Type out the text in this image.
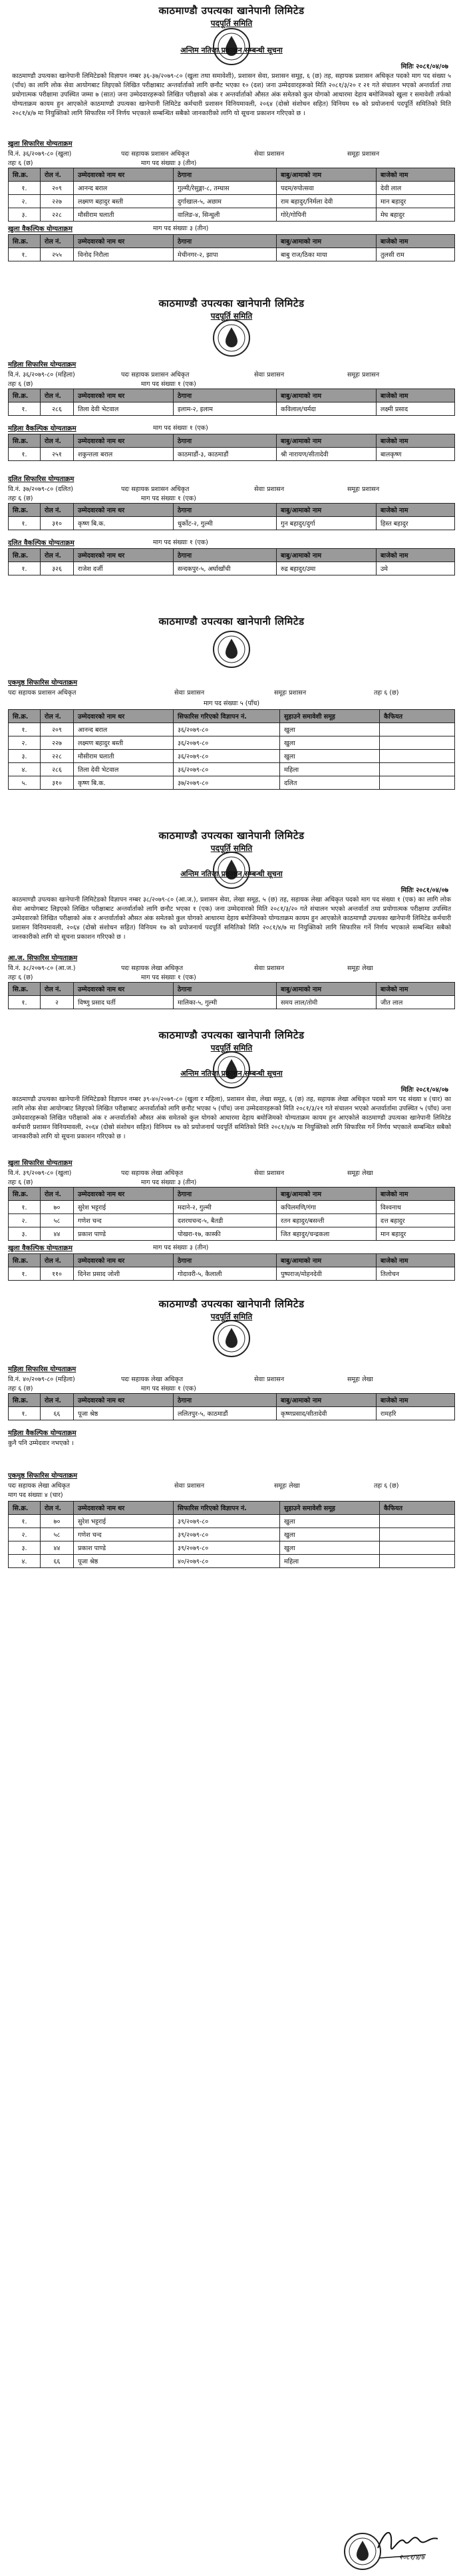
काठमाण्डौ उपत्यका खानेपानी लिमिटेड
पदपूर्ति समिति
अन्तिम नतिजा प्रकाशन सम्बन्धी सूचना
मितिः २०८१/०४/०७
काठमाण्डौ उपत्यका खानेपानी लिमिटेडको विज्ञापन नम्बर ३६-३७/२०७९-८० (खुला तथा समावेशी), प्रशासन सेवा, प्रशासन समूह, ६ (छ) तह, सहायक प्रशासन अधिकृत पदको माग पद संख्या ५ (पाँच) का लागि लोक सेवा आयोगबाट लिइएको लिखित परीक्षाबाट अन्तर्वार्ताको लागि छनौट भएका १० (दश) जना उम्मेदवारहरूको मिति २०८१/३/२० र २१ गते संचालन भएको अन्तर्वार्ता तथा प्रयोगात्मक परीक्षामा उपस्थित जम्मा ७ (सात) जना उम्मेदवारहरूको लिखित परीक्षाको अंक र अन्तर्वार्ताको औसत अंक समेतको कुल योगको आधारमा देहाय बमोजिमको खुला र समावेशी तर्फको योग्यताक्रम कायम हुन आएकोले काठमाण्डौ उपत्यका खानेपानी लिमिटेड कर्मचारी प्रशासन विनियमावली, २०६४ (दोस्रो संशोधन सहित) विनियम १७ को प्रयोजनार्थ पदपूर्ति समितिको मिति २०८१/४/७ मा नियुक्तिको लागि सिफारिस गर्ने निर्णय भएकाले सम्बन्धित सबैको जानकारीको लागि यो सूचना प्रकाशन गरिएको छ ।
खुला सिफारिस योग्यताक्रम
वि.नं. ३६/२०७९-८० (खुला)	पदः सहायक प्रशासन अधिकृत	सेवाः प्रशासन	समूहः प्रशासन
तहः ६ (छ)	माग पद संख्याः ३ (तीन)
सि.क्र.	रोल नं.	उम्मेदवारको नाम थर	ठेगाना	बाबु/आमाको नाम	बाजेको नाम
१.	२०९	आनन्द बराल	गुल्मी/रेसुङ्गा-८, तम्घास	पदम/रुपोत्सवा	देवी लाल
२.	२२७	लक्ष्मण बहादुर बस्ती	दुर्गाखाल-५, अछाम	राम बहादुर/निर्मला देवी	मान बहादुर
३.	२२८	मौसीराम घलाती	वालिङ-४, सिन्धुली	गोरे/गोपिनी	मेघ बहादुर
खुला वैकल्पिक योग्यताक्रम	माग पद संख्याः ३ (तीन)
सि.क्र.	रोल नं.	उम्मेदवारको नाम थर	ठेगाना	बाबु/आमाको नाम	बाजेको नाम
१.	२५५	विनोद निरौला	मेचीनगर-२, झापा	बाबु राज/ठिका माया	तुलसी राम
काठमाण्डौ उपत्यका खानेपानी लिमिटेड
पदपूर्ति समिति
महिला सिफारिस योग्यताक्रम
वि.नं. ३६/२०७९-८० (महिला)	पदः सहायक प्रशासन अधिकृत	सेवाः प्रशासन	समूहः प्रशासन
तहः ६ (छ)	माग पद संख्याः १ (एक)
सि.क्र.	रोल नं.	उम्मेदवारको नाम थर	ठेगाना	बाबु/आमाको नाम	बाजेको नाम
१.	२८६	तिला देवी भेटवाल	इलाम-२, इलाम	कविलाल/चर्मदा	लक्ष्मी प्रसाद
महिला वैकल्पिक योग्यताक्रम	माग पद संख्याः १ (एक)
सि.क्र.	रोल नं.	उम्मेदवारको नाम थर	ठेगाना	बाबु/आमाको नाम	बाजेको नाम
१.	२५१	शकुन्तला बराल	काठमाडौं-३, काठमाडौं	श्री नारायण/सीतादेवी	बालकृष्ण
दलित सिफारिस योग्यताक्रम
वि.नं. ३७/२०७९-८० (दलित)	पदः सहायक प्रशासन अधिकृत	सेवाः प्रशासन	समूहः प्रशासन
तहः ६ (छ)	माग पद संख्याः १ (एक)
सि.क्र.	रोल नं.	उम्मेदवारको नाम थर	ठेगाना	बाबु/आमाको नाम	बाजेको नाम
१.	३१०	कृष्ण बि.क.	धुर्कोट-२, गुल्मी	गुन बहादुर/दुर्गा	हिस्त बहादुर
दलित वैकल्पिक योग्यताक्रम	माग पद संख्याः १ (एक)
सि.क्र.	रोल नं.	उम्मेदवारको नाम थर	ठेगाना	बाबु/आमाको नाम	बाजेको नाम
१.	३२६	राजेश दर्जी	सन्दकपुर-५, अर्घाखाँची	रुद्र बहादुर/उमा	उमे
काठमाण्डौ उपत्यका खानेपानी लिमिटेड
एकमुष्ठ सिफारिस योग्यताक्रम
पदः सहायक प्रशासन अधिकृत	सेवाः प्रशासन	समूहः प्रशासन	तहः ६ (छ)
माग पद संख्याः ५ (पाँच)
सि.क्र.	रोल नं.	उम्मेदवारको नाम थर	सिफारिस गरिएको विज्ञापन नं.	सुहाउने समावेशी समूह	कैफियत
१.	२०९	आनन्द बराल	३६/२०७९-८०	खुला	
२.	२२७	लक्ष्मण बहादुर बस्ती	३६/२०७९-८०	खुला	
३.	२२८	मौसीराम घलाती	३६/२०७९-८०	खुला	
४.	२८६	तिला देवी भेटवाल	३६/२०७९-८०	महिला	
५.	३१०	कृष्ण बि.क.	३७/२०७९-८०	दलित	
काठमाण्डौ उपत्यका खानेपानी लिमिटेड
पदपूर्ति समिति
अन्तिम नतिजा प्रकाशन सम्बन्धी सूचना
मितिः २०८१/०४/०७
काठमाण्डौ उपत्यका खानेपानी लिमिटेडको विज्ञापन नम्बर ३८/२०७९-८० (आ.ज.), प्रशासन सेवा, लेखा समूह, ५ (छ) तह, सहायक लेखा अधिकृत पदको माग पद संख्या १ (एक) का लागि लोक सेवा आयोगबाट लिइएको लिखित परीक्षाबाट अन्तर्वार्ताको लागि छनौट भएका १ (एक) जना उम्मेदवारको मिति २०८१/३/२० गते संचालन भएको अन्तर्वार्ता तथा प्रयोगात्मक परीक्षामा उपस्थित उम्मेदवारको लिखित परीक्षाको अंक र अन्तर्वार्ताको औसत अंक समेतको कुल योगको आधारमा देहाय बमोजिमको योग्यताक्रम कायम हुन आएकोले काठमाण्डौ उपत्यका खानेपानी लिमिटेड कर्मचारी प्रशासन विनियमावली, २०६४ (दोस्रो संशोधन सहित) विनियम १७ को प्रयोजनार्थ पदपूर्ति समितिको मिति २०८१/४/७ मा नियुक्तिको लागि सिफारिस गर्ने निर्णय भएकाले सम्बन्धित सबैको जानकारीको लागि यो सूचना प्रकाशन गरिएको छ ।
आ.ज. सिफारिस योग्यताक्रम
वि.नं. ३८/२०७९-८० (आ.ज.)	पदः सहायक लेखा अधिकृत	सेवाः प्रशासन	समूहः लेखा
तहः ६ (छ)	माग पद संख्याः १ (एक)
सि.क्र.	रोल नं.	उम्मेदवारको नाम थर	ठेगाना	बाबु/आमाको नाम	बाजेको नाम
१.	२	विष्णु प्रसाद घर्ती	मालिका-५, गुल्मी	समय लाल/तोमी	जीत लाल
काठमाण्डौ उपत्यका खानेपानी लिमिटेड
पदपूर्ति समिति
अन्तिम नतिजा प्रकाशन सम्बन्धी सूचना
मितिः २०८१/०४/०७
काठमाण्डौ उपत्यका खानेपानी लिमिटेडको विज्ञापन नम्बर ३९-४०/२०७९-८० (खुला र महिला), प्रशासन सेवा, लेखा समूह, ६ (छ) तह, सहायक लेखा अधिकृत पदको माग पद संख्या ४ (चार) का लागि लोक सेवा आयोगबाट लिइएको लिखित परीक्षाबाट अन्तर्वार्ताको लागि छनौट भएका ५ (पाँच) जना उम्मेदवारहरूको मिति २०८१/३/२१ गते संचालन भएको अन्तर्वार्तामा उपस्थित ५ (पाँच) जना उम्मेदवारहरूको लिखित परीक्षाको अंक र अन्तर्वार्ताको औसत अंक समेतको कुल योगको आधारमा देहाय बमोजिमको योग्यताक्रम कायम हुन आएकोले काठमाण्डौ उपत्यका खानेपानी लिमिटेड कर्मचारी प्रशासन विनियमावली, २०६४ (दोस्रो संशोधन सहित) विनियम १७ को प्रयोजनार्थ पदपूर्ति समितिको मिति २०८१/४/७ मा नियुक्तिको लागि सिफारिस गर्ने निर्णय भएकाले सम्बन्धित सबैको जानकारीको लागि यो सूचना प्रकाशन गरिएको छ ।
खुला सिफारिस योग्यताक्रम
वि.नं. ३९/२०७९-८० (खुला)	पदः सहायक लेखा अधिकृत	सेवाः प्रशासन	समूहः लेखा
तहः ६ (छ)	माग पद संख्याः ३ (तीन)
सि.क्र.	रोल नं.	उम्मेदवारको नाम थर	ठेगाना	बाबु/आमाको नाम	बाजेको नाम
१.	७०	सुरेश भट्टराई	मदाने-२, गुल्मी	कपिलमणि/गंगा	विश्वनाथ
२.	५८	गणेश चन्द	दशरथचन्द-५, बैतडी	रतन बहादुर/बसन्ती	दत्त बहादुर
३.	४४	प्रकाश पाण्डे	पोखरा-१७, कास्की	जित बहादुर/चन्द्रकला	मान बहादुर
खुला वैकल्पिक योग्यताक्रम	माग पद संख्याः ३ (तीन)
सि.क्र.	रोल नं.	उम्मेदवारको नाम थर	ठेगाना	बाबु/आमाको नाम	बाजेको नाम
१.	११०	दिनेश प्रसाद जोशी	गोदावरी-५, कैलाली	पुष्पराज/मोहनदेवी	तिलोचन
काठमाण्डौ उपत्यका खानेपानी लिमिटेड
पदपूर्ति समिति
महिला सिफारिस योग्यताक्रम
वि.नं. ४०/२०७९-८० (महिला)	पदः सहायक लेखा अधिकृत	सेवाः प्रशासन	समूहः लेखा
तहः ६ (छ)	माग पद संख्याः १ (एक)
सि.क्र.	रोल नं.	उम्मेदवारको नाम थर	ठेगाना	बाबु/आमाको नाम	बाजेको नाम
१.	६६	पूजा श्रेष्ठ	ललितपुर-५, काठमाडौं	कृष्णप्रसाद/सीतादेवी	रामहरि
महिला वैकल्पिक योग्यताक्रम
कुनै पनि उम्मेदवार नभएको ।
एकमुष्ठ सिफारिस योग्यताक्रम
पदः सहायक लेखा अधिकृत	सेवाः प्रशासन	समूहः लेखा	तहः ६ (छ)
माग पद संख्याः ४ (चार)
सि.क्र.	रोल नं.	उम्मेदवारको नाम थर	सिफारिस गरिएको विज्ञापन नं.	सुहाउने समावेशी समूह	कैफियत
१.	७०	सुरेश भट्टराई	३९/२०७९-८०	खुला	
२.	५८	गणेश चन्द	३९/२०७९-८०	खुला	
३.	४४	प्रकाश पाण्डे	३९/२०७९-८०	खुला	
४.	६६	पूजा श्रेष्ठ	४०/२०७९-८०	महिला	
२०८१/४/७
